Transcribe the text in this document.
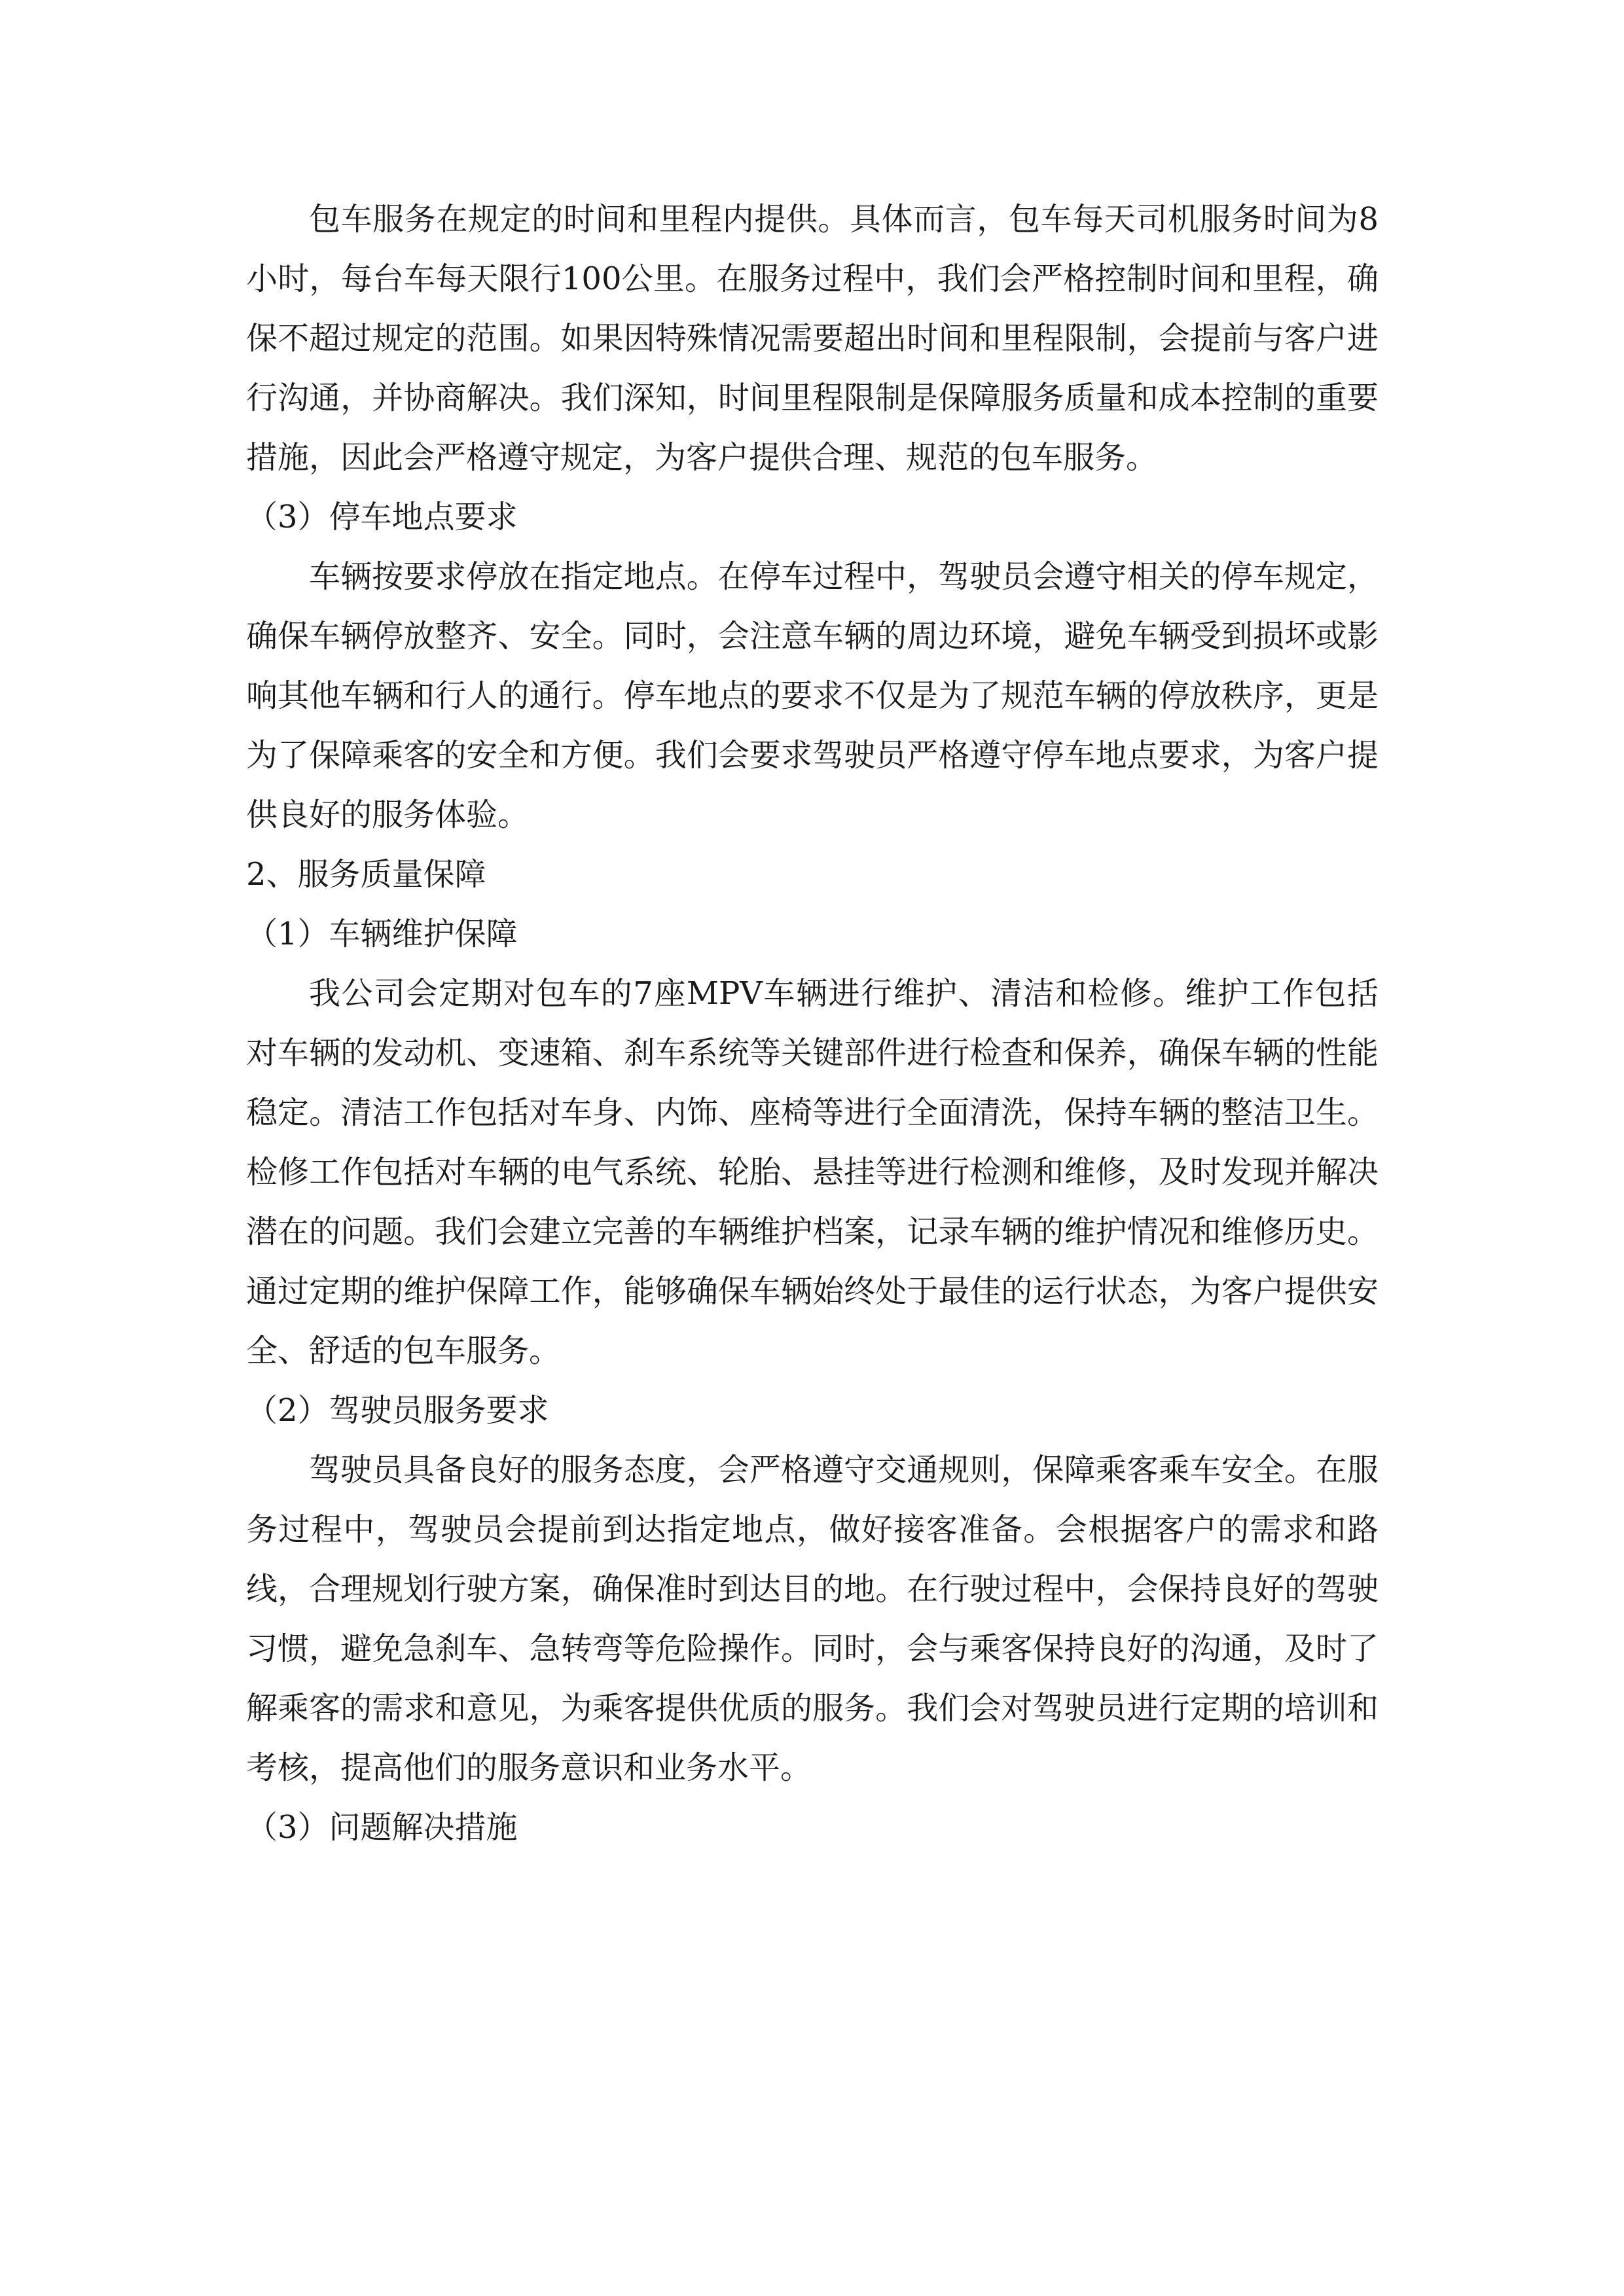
包车服务在规定的时间和里程内提供。具体而言，包车每天司机服务时间为8小时，每台车每天限行100公里。在服务过程中，我们会严格控制时间和里程，确保不超过规定的范围。如果因特殊情况需要超出时间和里程限制，会提前与客户进行沟通，并协商解决。我们深知，时间里程限制是保障服务质量和成本控制的重要措施，因此会严格遵守规定，为客户提供合理、规范的包车服务。

（3）停车地点要求

车辆按要求停放在指定地点。在停车过程中，驾驶员会遵守相关的停车规定，确保车辆停放整齐、安全。同时，会注意车辆的周边环境，避免车辆受到损坏或影响其他车辆和行人的通行。停车地点的要求不仅是为了规范车辆的停放秩序，更是为了保障乘客的安全和方便。我们会要求驾驶员严格遵守停车地点要求，为客户提供良好的服务体验。

2、服务质量保障

（1）车辆维护保障

我公司会定期对包车的7座MPV车辆进行维护、清洁和检修。维护工作包括对车辆的发动机、变速箱、刹车系统等关键部件进行检查和保养，确保车辆的性能稳定。清洁工作包括对车身、内饰、座椅等进行全面清洗，保持车辆的整洁卫生。检修工作包括对车辆的电气系统、轮胎、悬挂等进行检测和维修，及时发现并解决潜在的问题。我们会建立完善的车辆维护档案，记录车辆的维护情况和维修历史。通过定期的维护保障工作，能够确保车辆始终处于最佳的运行状态，为客户提供安全、舒适的包车服务。

（2）驾驶员服务要求

驾驶员具备良好的服务态度，会严格遵守交通规则，保障乘客乘车安全。在服务过程中，驾驶员会提前到达指定地点，做好接客准备。会根据客户的需求和路线，合理规划行驶方案，确保准时到达目的地。在行驶过程中，会保持良好的驾驶习惯，避免急刹车、急转弯等危险操作。同时，会与乘客保持良好的沟通，及时了解乘客的需求和意见，为乘客提供优质的服务。我们会对驾驶员进行定期的培训和考核，提高他们的服务意识和业务水平。

（3）问题解决措施
